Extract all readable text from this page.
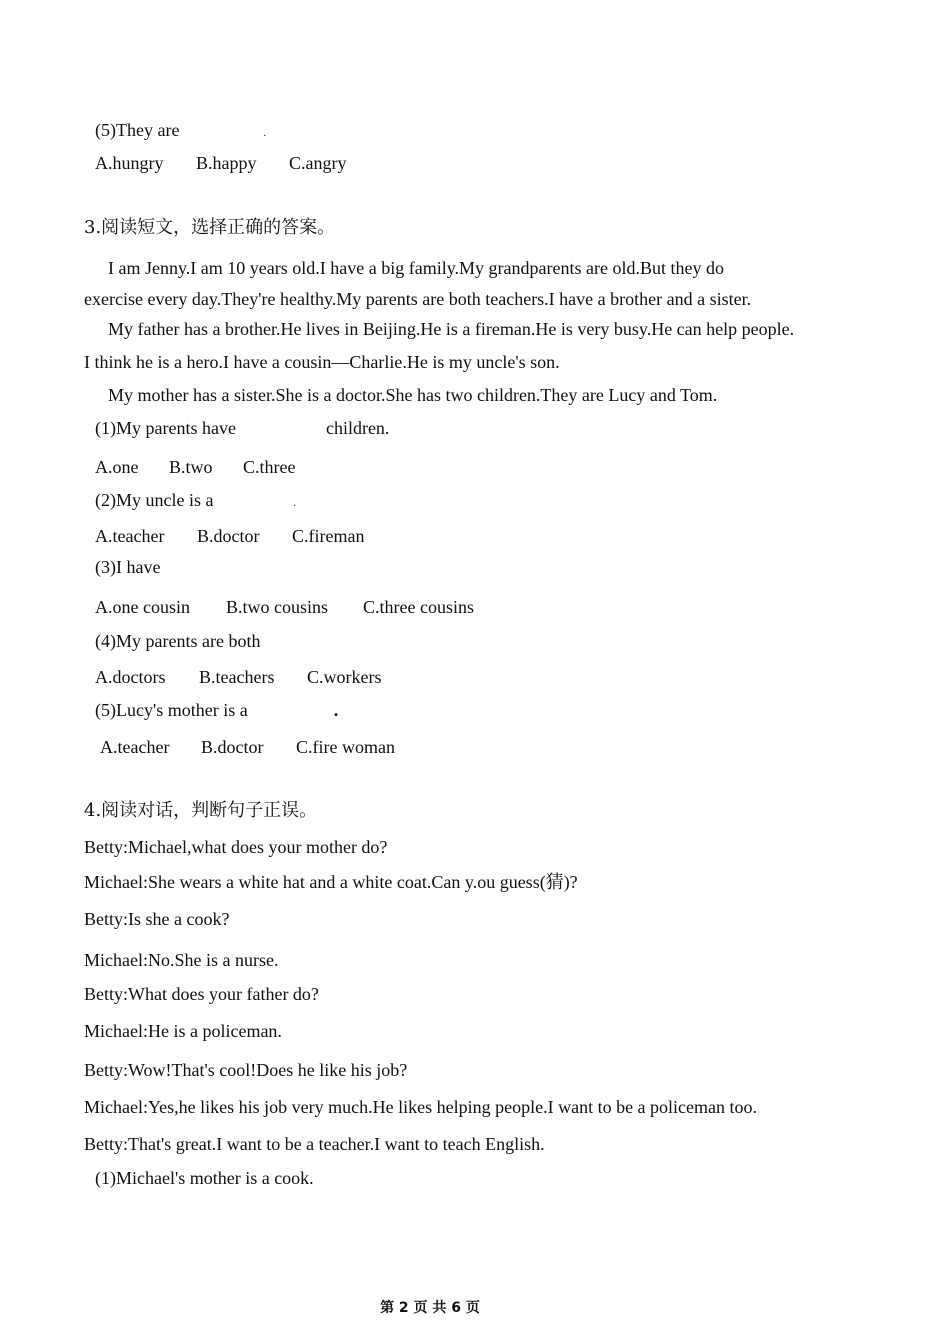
(5)They are	.
A.hungry B.happy C.angry
3.阅读短文，选择正确的答案。
I am Jenny.I am 10 years old.I have a big family.My grandparents are old.But they do
exercise every day.They're healthy.My parents are both teachers.I have a brother and a sister.
My father has a brother.He lives in Beijing.He is a fireman.He is very busy.He can help people.
I think he is a hero.I have a cousin—Charlie.He is my uncle's son.
My mother has a sister.She is a doctor.She has two children.They are Lucy and Tom.
(1)My parents have	children.
A.one B.two C.three
(2)My uncle is a	.
A.teacher B.doctor C.fireman
(3)I have
A.one cousin B.two cousins C.three cousins
(4)My parents are both
A.doctors B.teachers C.workers
(5)Lucy's mother is a	.
A.teacher B.doctor C.fire woman
4.阅读对话，判断句子正误。
Betty:Michael,what does your mother do?
Michael:She wears a white hat and a white coat.Can y.ou guess(猜)?
Betty:Is she a cook?
Michael:No.She is a nurse.
Betty:What does your father do?
Michael:He is a policeman.
Betty:Wow!That's cool!Does he like his job?
Michael:Yes,he likes his job very much.He likes helping people.I want to be a policeman too.
Betty:That's great.I want to be a teacher.I want to teach English.
(1)Michael's mother is a cook.
第 2 页 共 6 页
